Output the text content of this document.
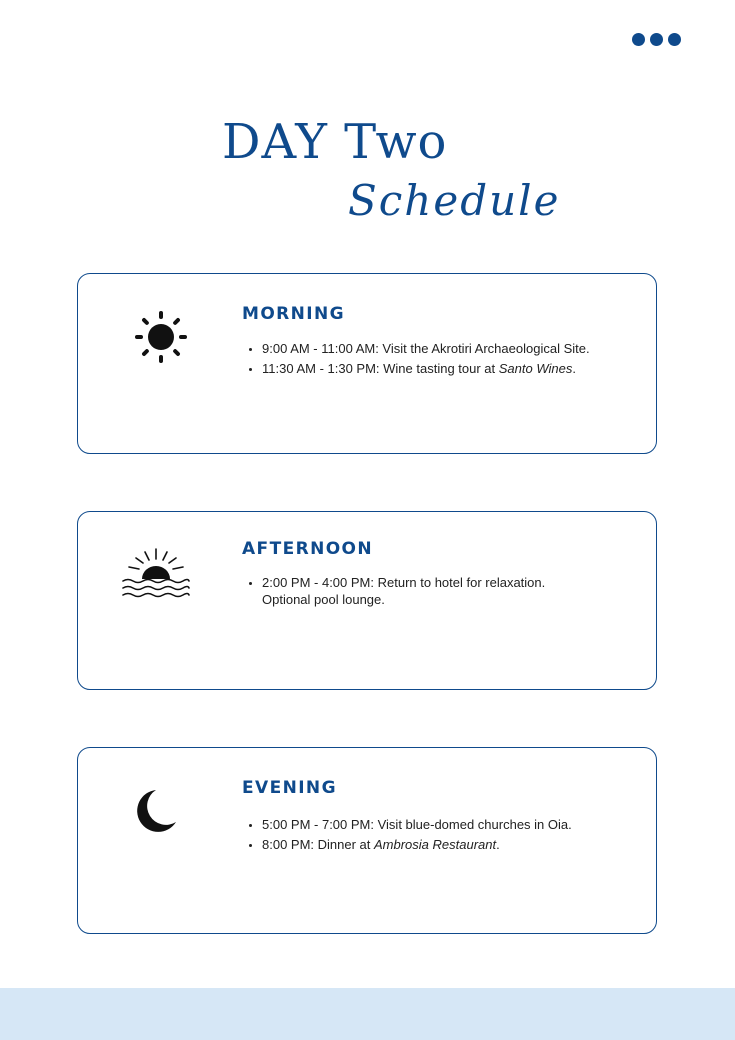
DAY Two
Schedule
MORNING
• 9:00 AM - 11:00 AM: Visit the Akrotiri Archaeological Site.
• 11:30 AM - 1:30 PM: Wine tasting tour at Santo Wines.
AFTERNOON
• 2:00 PM - 4:00 PM: Return to hotel for relaxation. Optional pool lounge.
EVENING
• 5:00 PM - 7:00 PM: Visit blue-domed churches in Oia.
• 8:00 PM: Dinner at Ambrosia Restaurant.
